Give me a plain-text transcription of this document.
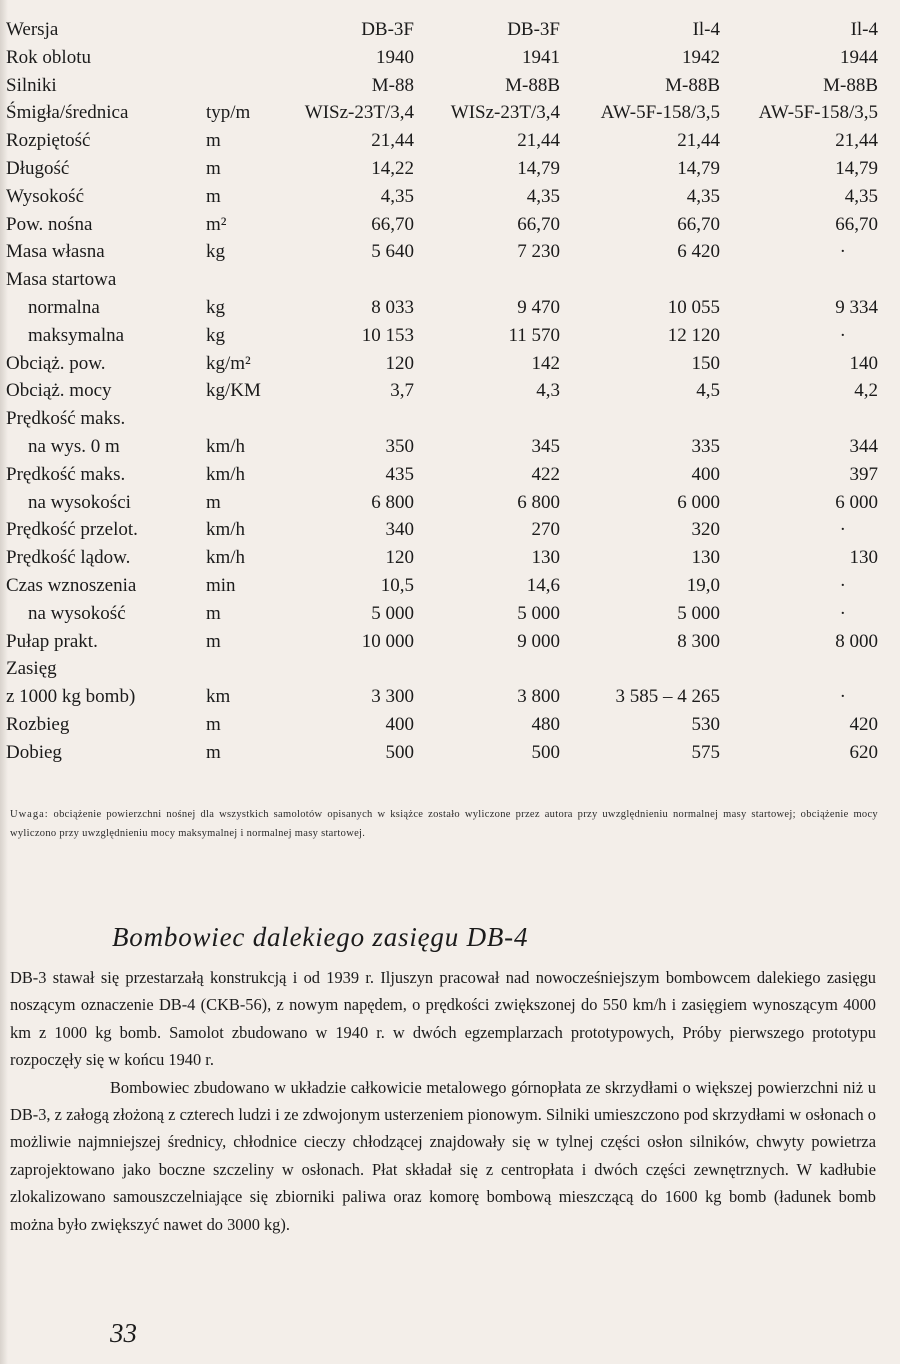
Wersja		DB-3F	DB-3F	Il-4	Il-4
Rok oblotu		1940	1941	1942	1944
Silniki		M-88	M-88B	M-88B	M-88B
Śmigła/średnica	typ/m	WISz-23T/3,4	WISz-23T/3,4	AW-5F-158/3,5	AW-5F-158/3,5
Rozpiętość	m	21,44	21,44	21,44	21,44
Długość	m	14,22	14,79	14,79	14,79
Wysokość	m	4,35	4,35	4,35	4,35
Pow. nośna	m²	66,70	66,70	66,70	66,70
Masa własna	kg	5 640	7 230	6 420	·
Masa startowa					
normalna	kg	8 033	9 470	10 055	9 334
maksymalna	kg	10 153	11 570	12 120	·
Obciąż. pow.	kg/m²	120	142	150	140
Obciąż. mocy	kg/KM	3,7	4,3	4,5	4,2
Prędkość maks.					
na wys. 0 m	km/h	350	345	335	344
Prędkość maks.	km/h	435	422	400	397
na wysokości	m	6 800	6 800	6 000	6 000
Prędkość przelot.	km/h	340	270	320	·
Prędkość lądow.	km/h	120	130	130	130
Czas wznoszenia	min	10,5	14,6	19,0	·
na wysokość	m	5 000	5 000	5 000	·
Pułap prakt.	m	10 000	9 000	8 300	8 000
Zasięg					
z 1000 kg bomb)	km	3 300	3 800	3 585 – 4 265	·
Rozbieg	m	400	480	530	420
Dobieg	m	500	500	575	620
Uwaga: obciążenie powierzchni nośnej dla wszystkich samolotów opisanych w książce zostało wyliczone przez autora przy uwzględnieniu normalnej masy startowej; obciążenie mocy wyliczono przy uwzględnieniu mocy maksymalnej i normalnej masy startowej.
Bombowiec dalekiego zasięgu DB-4

DB-3 stawał się przestarzałą konstrukcją i od 1939 r. Iljuszyn pracował nad nowocześniejszym bombowcem dalekiego zasięgu noszącym oznaczenie DB-4 (CKB-56), z nowym napędem, o prędkości zwiększonej do 550 km/h i zasięgiem wynoszącym 4000 km z 1000 kg bomb. Samolot zbudowano w 1940 r. w dwóch egzemplarzach prototypowych, Próby pierwszego prototypu rozpoczęły się w końcu 1940 r.

Bombowiec zbudowano w układzie całkowicie metalowego górnopłata ze skrzydłami o większej powierzchni niż u DB-3, z załogą złożoną z czterech ludzi i ze zdwojonym usterzeniem pionowym. Silniki umieszczono pod skrzydłami w osłonach o możliwie najmniejszej średnicy, chłodnice cieczy chłodzącej znajdowały się w tylnej części osłon silników, chwyty powietrza zaprojektowano jako boczne szczeliny w osłonach. Płat składał się z centropłata i dwóch części zewnętrznych. W kadłubie zlokalizowano samouszczelniające się zbiorniki paliwa oraz komorę bombową mieszczącą do 1600 kg bomb (ładunek bomb można było zwiększyć nawet do 3000 kg).

33
